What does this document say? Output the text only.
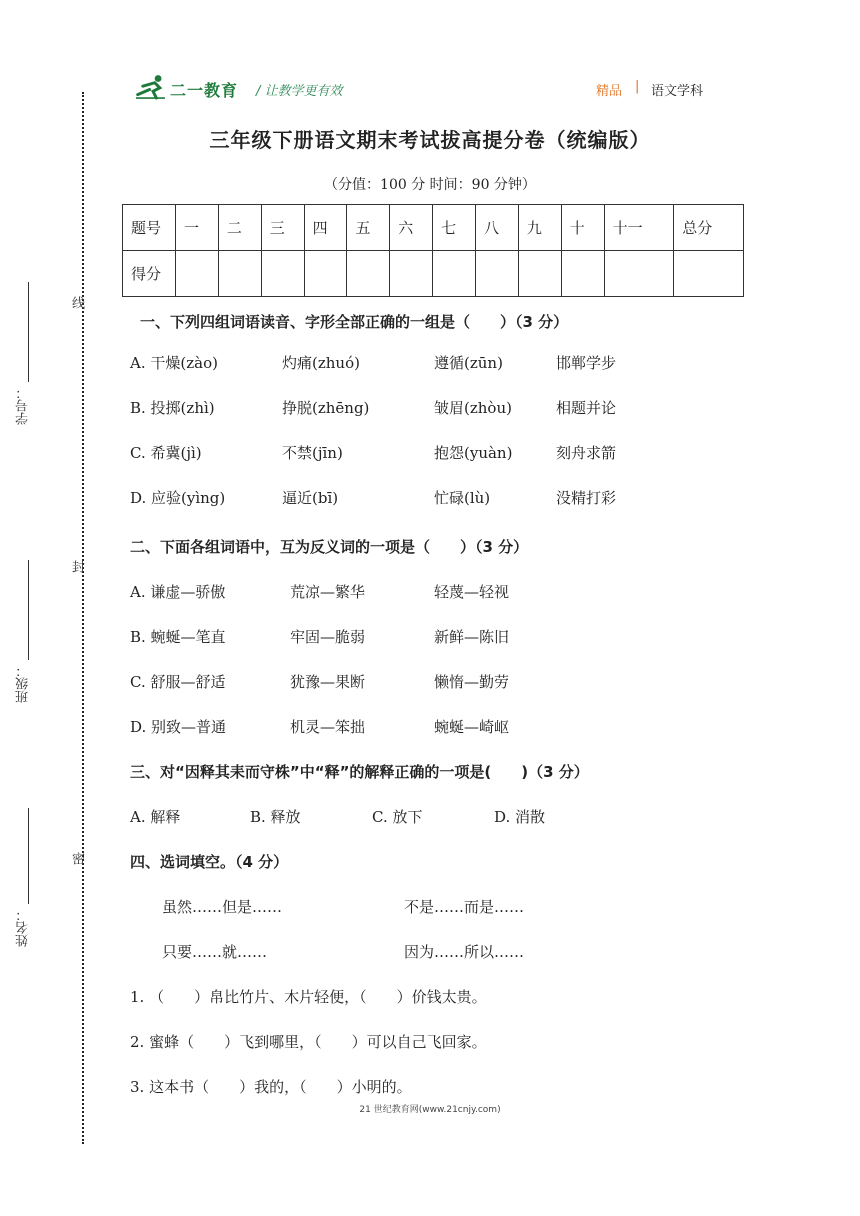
线
封
密
学号：
班级：
姓名：
二一教育 / 让教学更有效	精品 | 语文学科
三年级下册语文期末考试拔高提分卷（统编版）
（分值：100 分 时间：90 分钟）
题号	一	二	三	四	五	六	七	八	九	十	十一	总分
得分												
一、下列四组词语读音、字形全部正确的一组是（　　）（3 分）
A. 干燥(zào)	灼痛(zhuó)	遵循(zūn)	邯郸学步
B. 投掷(zhì)	挣脱(zhēng)	皱眉(zhòu)	相题并论
C. 希冀(jì)	不禁(jīn)	抱怨(yuàn)	刻舟求箭
D. 应验(yìng)	逼近(bī)	忙碌(lù)	没精打彩
二、下面各组词语中，互为反义词的一项是（　　）（3 分）
A. 谦虚—骄傲	荒凉—繁华	轻蔑—轻视
B. 蜿蜒—笔直	牢固—脆弱	新鲜—陈旧
C. 舒服—舒适	犹豫—果断	懒惰—勤劳
D. 别致—普通	机灵—笨拙	蜿蜒—崎岖
三、对“因释其耒而守株”中“释”的解释正确的一项是(　　)（3 分）
A. 解释	B. 释放	C. 放下	D. 消散
四、选词填空。（4 分）
虽然……但是……	不是……而是……
只要……就……	因为……所以……
1. （　　）帛比竹片、木片轻便，（　　）价钱太贵。
2. 蜜蜂（　　）飞到哪里，（　　）可以自己飞回家。
3. 这本书（　　）我的，（　　）小明的。
21 世纪教育网(www.21cnjy.com)
